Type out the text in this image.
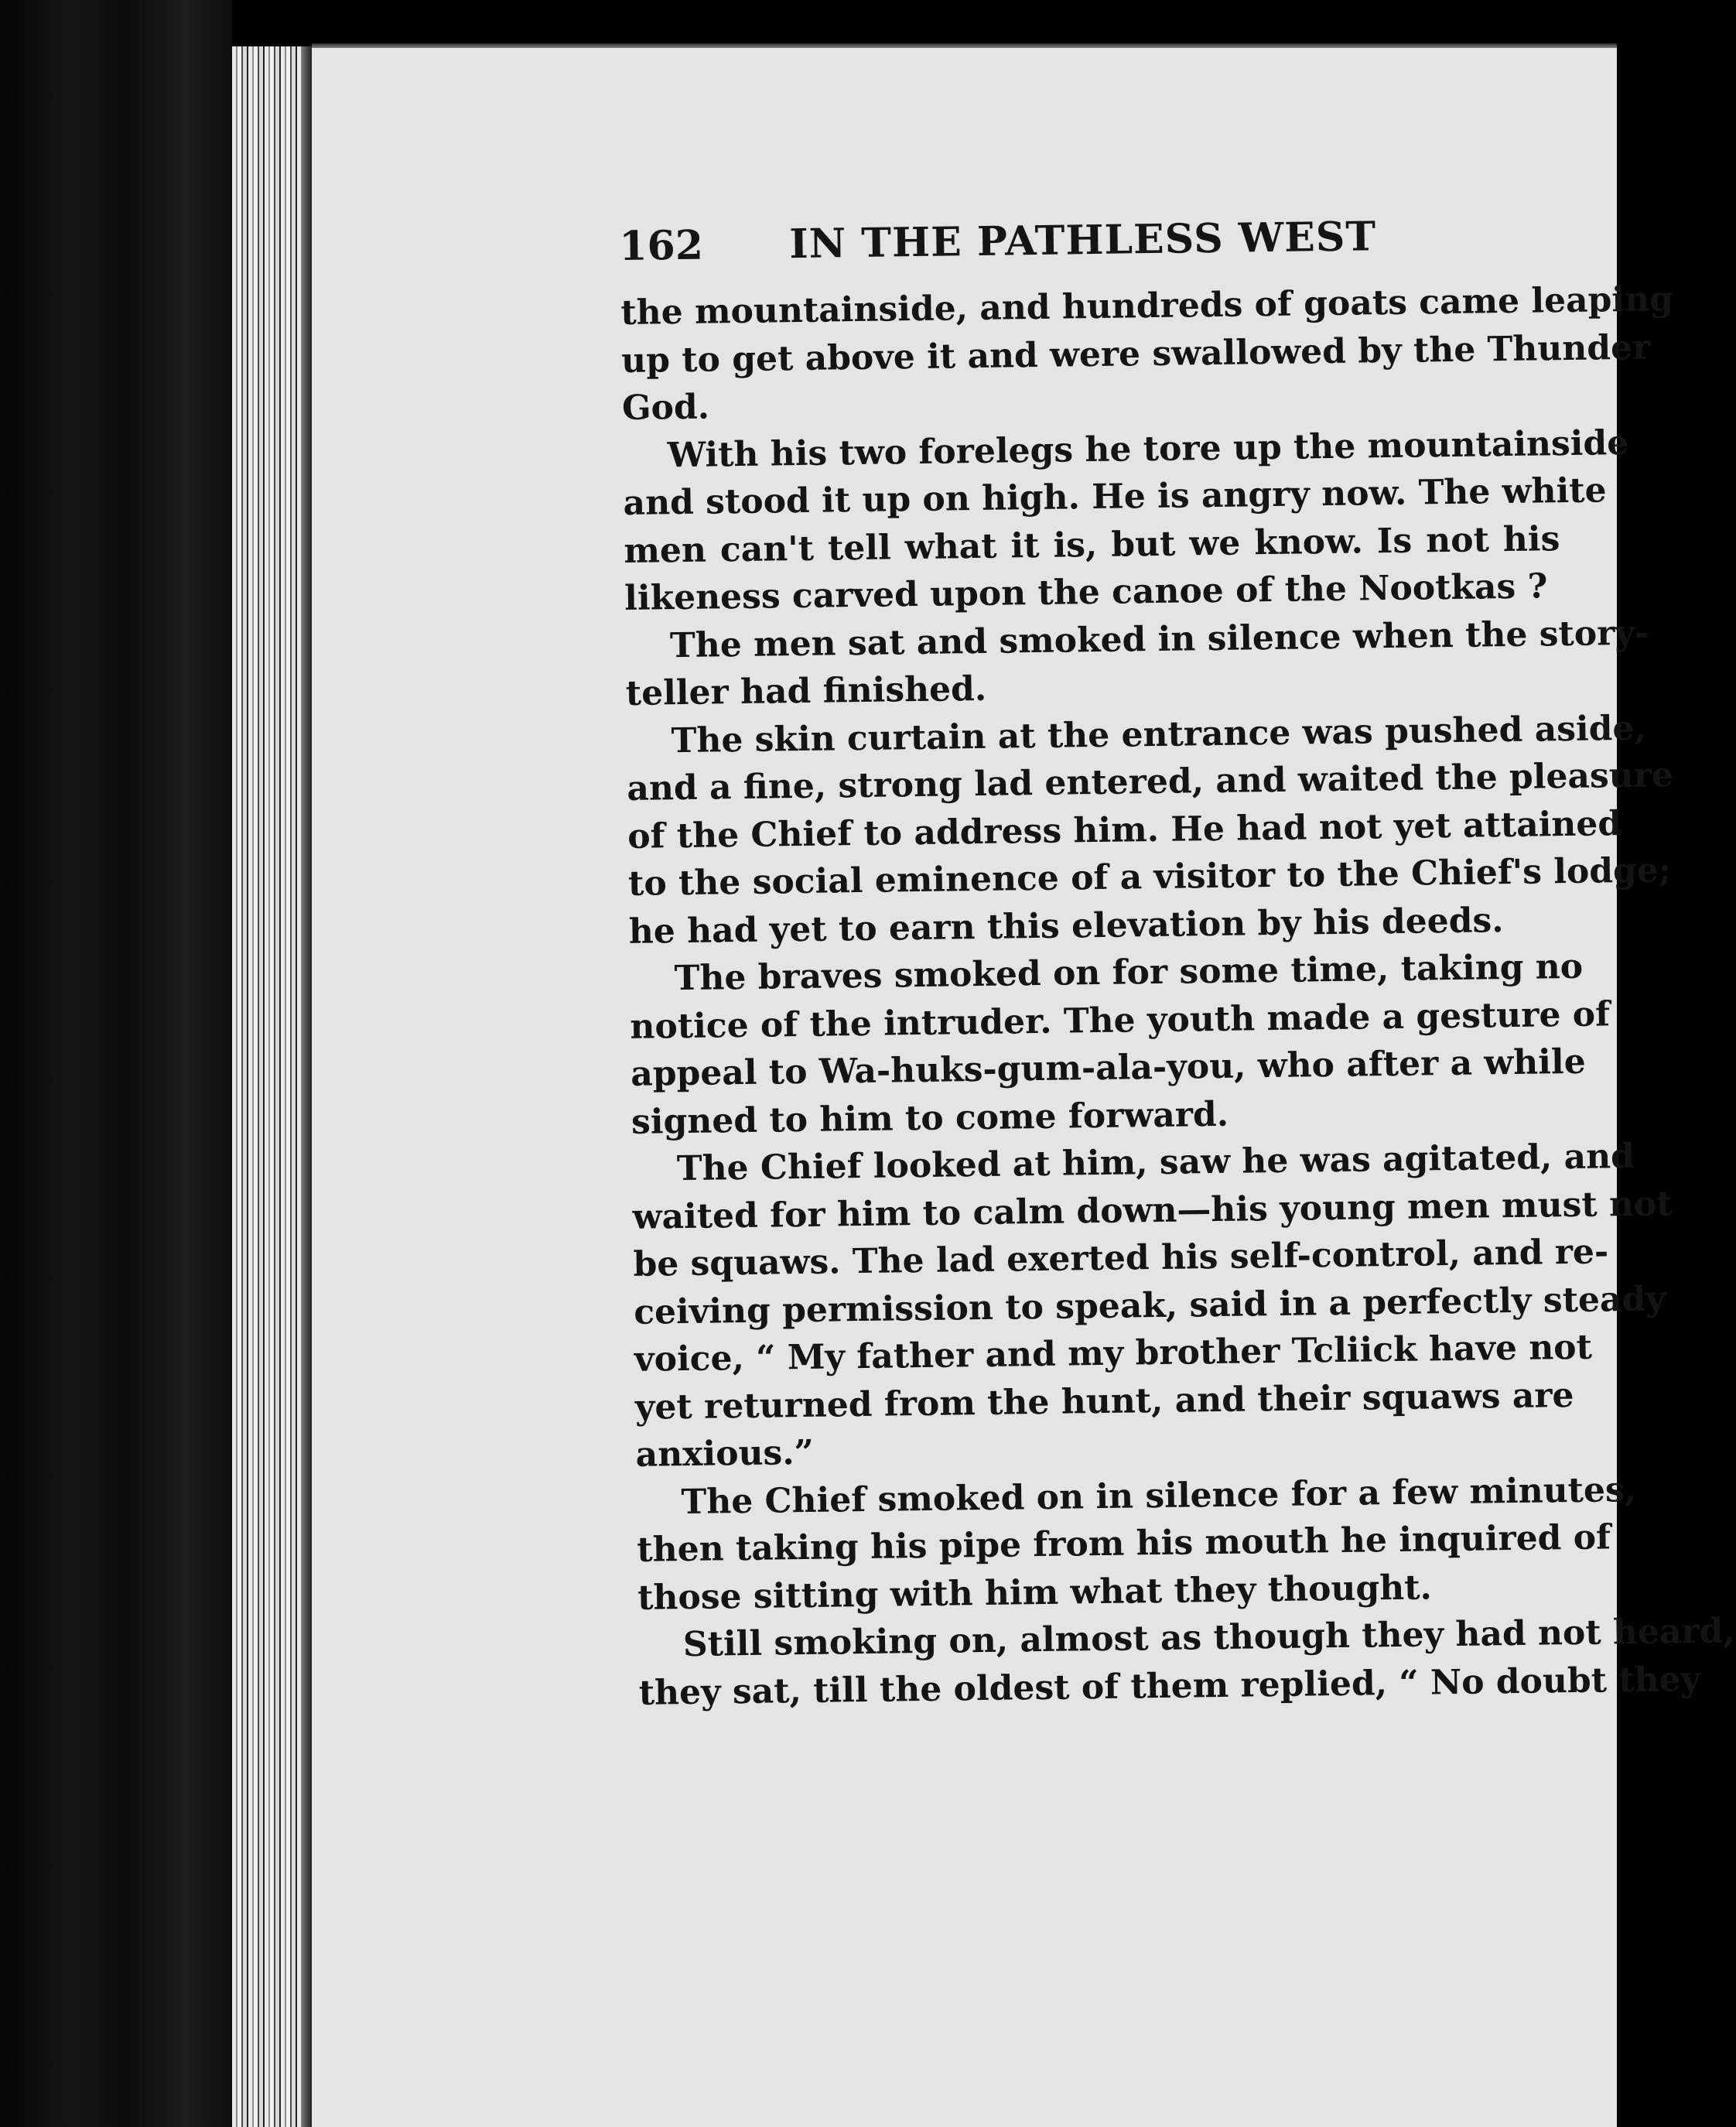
162 IN THE PATHLESS WEST
the mountainside, and hundreds of goats came leaping
up to get above it and were swallowed by the Thunder
God.
With his two forelegs he tore up the mountainside
and stood it up on high. He is angry now. The white
men can't tell what it is, but we know. Is not his
likeness carved upon the canoe of the Nootkas ?
The men sat and smoked in silence when the story-
teller had finished.
The skin curtain at the entrance was pushed aside,
and a fine, strong lad entered, and waited the pleasure
of the Chief to address him. He had not yet attained
to the social eminence of a visitor to the Chief's lodge;
he had yet to earn this elevation by his deeds.
The braves smoked on for some time, taking no
notice of the intruder. The youth made a gesture of
appeal to Wa-huks-gum-ala-you, who after a while
signed to him to come forward.
The Chief looked at him, saw he was agitated, and
waited for him to calm down—his young men must not
be squaws. The lad exerted his self-control, and re-
ceiving permission to speak, said in a perfectly steady
voice, “ My father and my brother Tcliick have not
yet returned from the hunt, and their squaws are
anxious.”
The Chief smoked on in silence for a few minutes,
then taking his pipe from his mouth he inquired of
those sitting with him what they thought.
Still smoking on, almost as though they had not heard,
they sat, till the oldest of them replied, “ No doubt they
